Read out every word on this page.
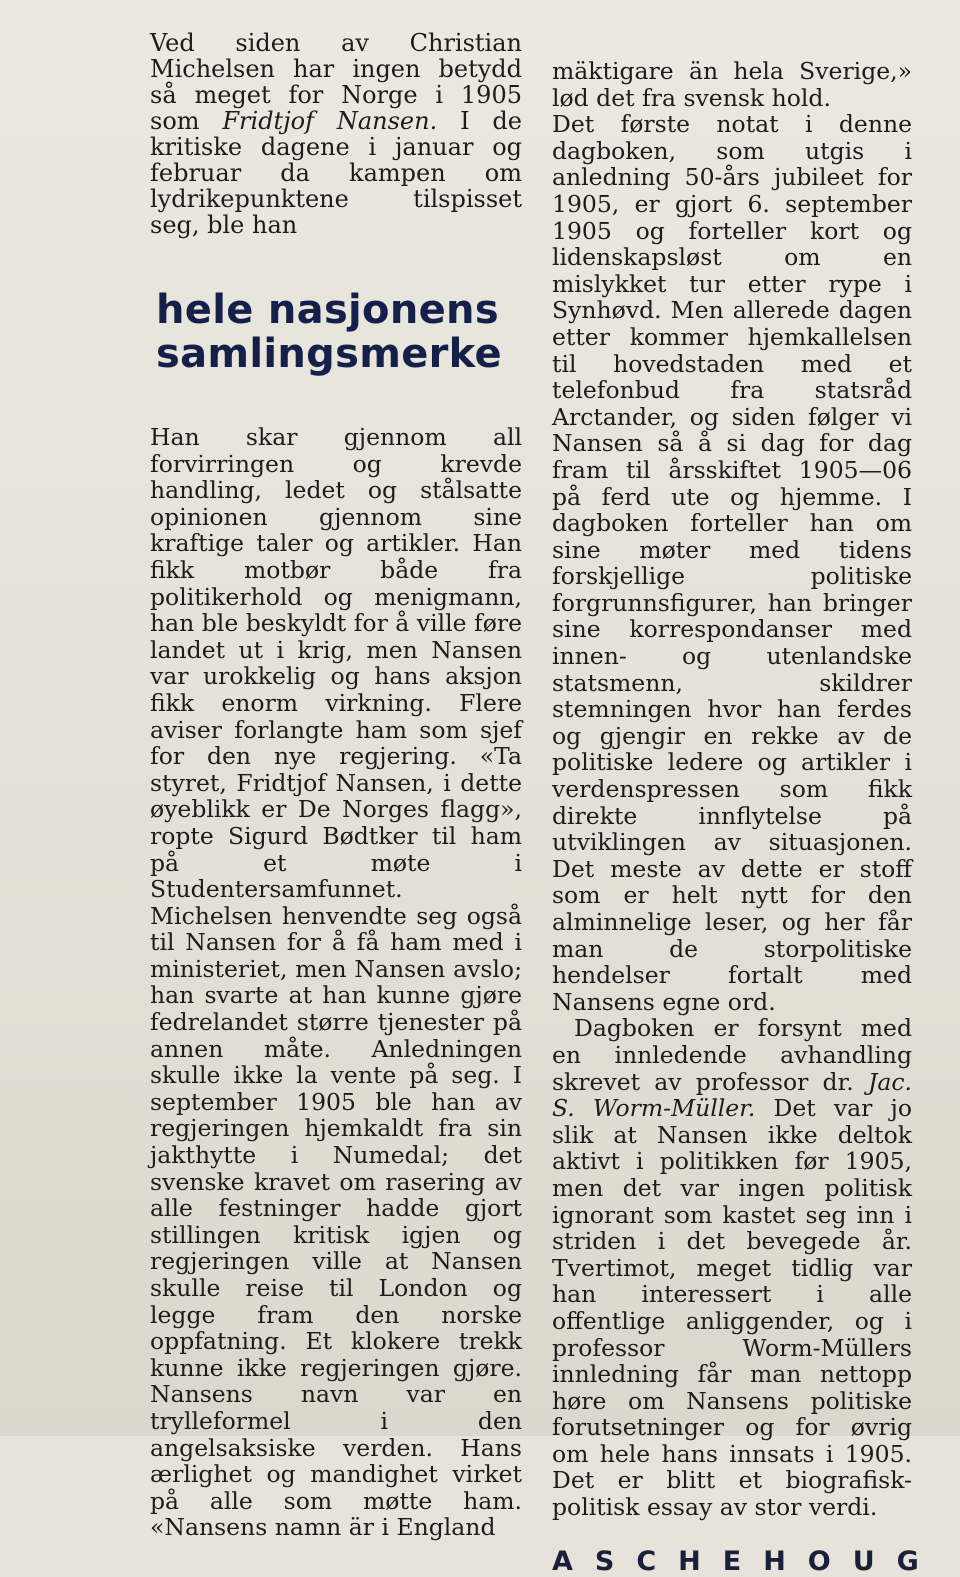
Ved siden av Christian Michelsen har ingen betydd så meget for Norge i 1905 som Fridtjof Nansen. I de kritiske dagene i januar og februar da kampen om lydrikepunktene tilspisset seg, ble han

hele nasjonens
samlingsmerke

Han skar gjennom all forvirringen og krevde handling, ledet og stålsatte opinionen gjennom sine kraftige taler og artikler. Han fikk motbør både fra politikerhold og menigmann, han ble beskyldt for å ville føre landet ut i krig, men Nansen var urokkelig og hans aksjon fikk enorm virkning. Flere aviser forlangte ham som sjef for den nye regjering. «Ta styret, Fridtjof Nansen, i dette øyeblikk er De Norges flagg», ropte Sigurd Bødtker til ham på et møte i Studentersamfunnet. Michelsen henvendte seg også til Nansen for å få ham med i ministeriet, men Nansen avslo; han svarte at han kunne gjøre fedrelandet større tjenester på annen måte. Anledningen skulle ikke la vente på seg. I september 1905 ble han av regjeringen hjemkaldt fra sin jakthytte i Numedal; det svenske kravet om rasering av alle festninger hadde gjort stillingen kritisk igjen og regjeringen ville at Nansen skulle reise til London og legge fram den norske oppfatning. Et klokere trekk kunne ikke regjeringen gjøre. Nansens navn var en tryllеformel i den angelsaksiske verden. Hans ærlighet og mandighet virket på alle som møtte ham. «Nansens namn är i England

mäktigare än hela Sverige,» lød det fra svensk hold.

Det første notat i denne dagboken, som utgis i anledning 50-års jubileet for 1905, er gjort 6. september 1905 og forteller kort og lidenskapsløst om en mislykket tur etter rype i Synhøvd. Men allerede dagen etter kommer hjemkallelsen til hovedstaden med et telefonbud fra statsråd Arctander, og siden følger vi Nansen så å si dag for dag fram til årsskiftet 1905—06 på ferd ute og hjemme. I dagboken forteller han om sine møter med tidens forskjellige politiske forgrunnsfigurer, han bringer sine korrespondanser med innen- og utenlandske statsmenn, skildrer stemningen hvor han ferdes og gjengir en rekke av de politiske ledere og artikler i verdenspressen som fikk direkte innflytelse på utviklingen av situasjonen. Det meste av dette er stoff som er helt nytt for den alminnelige leser, og her får man de storpolitiske hendelser fortalt med Nansens egne ord.

Dagboken er forsynt med en innledende avhandling skrevet av professor dr. Jac. S. Worm-Müller. Det var jo slik at Nansen ikke deltok aktivt i politikken før 1905, men det var ingen politisk ignorant som kastet seg inn i striden i det bevegede år. Tvertimot, meget tidlig var han interessert i alle offentlige anliggender, og i professor Worm-Müllers innledning får man nettopp høre om Nansens politiske forutsetninger og for øvrig om hele hans innsats i 1905. Det er blitt et biografisk-politisk essay av stor verdi.

ASCHEHOUG
